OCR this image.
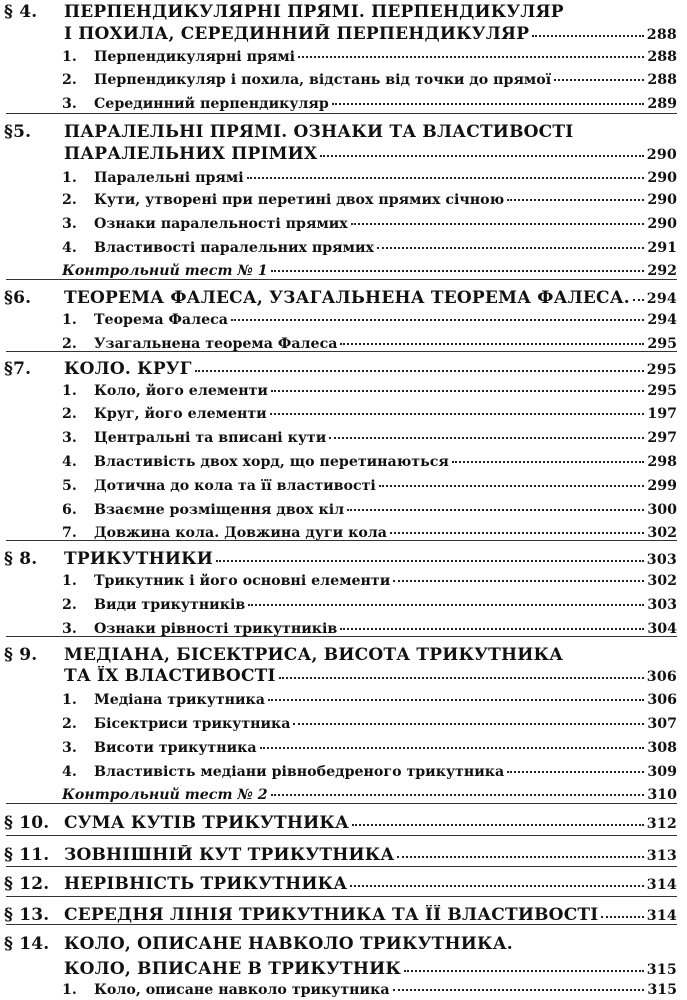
§ 4.	ПЕРПЕНДИКУЛЯРНІ ПРЯМІ. ПЕРПЕНДИКУЛЯР
І ПОХИЛА, СЕРЕДИННИЙ ПЕРПЕНДИКУЛЯР	288
1.	Перпендикулярні прямі	288
2.	Перпендикуляр і похила, відстань від точки до прямої	288
3.	Серединний перпендикуляр	289
§5.	ПАРАЛЕЛЬНІ ПРЯМІ. ОЗНАКИ ТА ВЛАСТИВОСТІ
ПАРАЛЕЛЬНИХ ПРІМИХ	290
1.	Паралельні прямі	290
2.	Кути, утворені при перетині двох прямих січною	290
3.	Ознаки паралельності прямих	290
4.	Властивості паралельних прямих	291
Контрольний тест № 1	292
§6.	ТЕОРЕМА ФАЛЕСА, УЗАГАЛЬНЕНА ТЕОРЕМА ФАЛЕСА. 294
1.	Теорема Фалеса	294
2.	Узагальнена теорема Фалеса	295
§7.	КОЛО. КРУГ	295
1.	Коло, його елементи	295
2.	Круг, його елементи	197
3.	Центральні та вписані кути	297
4.	Властивість двох хорд, що перетинаються	298
5.	Дотична до кола та її властивості	299
6.	Взаємне розміщення двох кіл	300
7.	Довжина кола. Довжина дуги кола	302
§ 8.	ТРИКУТНИКИ	303
1.	Трикутник і його основні елементи	302
2.	Види трикутників	303
3.	Ознаки рівності трикутників	304
§ 9.	МЕДІАНА, БІСЕКТРИСА, ВИСОТА ТРИКУТНИКА
ТА ЇХ ВЛАСТИВОСТІ	306
1.	Медіана трикутника	306
2.	Бісектриси трикутника	307
3.	Висоти трикутника	308
4.	Властивість медіани рівнобедреного трикутника	309
Контрольний тест № 2	310
§ 10. СУМА КУТІВ ТРИКУТНИКА	312
§ 11. ЗОВНІШНІЙ КУТ ТРИКУТНИКА	313
§ 12. НЕРІВНІСТЬ ТРИКУТНИКА	314
§ 13. СЕРЕДНЯ ЛІНІЯ ТРИКУТНИКА ТА ЇЇ ВЛАСТИВОСТІ	314
§ 14. КОЛО, ОПИСАНЕ НАВКОЛО ТРИКУТНИКА.
КОЛО, ВПИСАНЕ В ТРИКУТНИК	315
1.	Коло, описане навколо трикутника	315
